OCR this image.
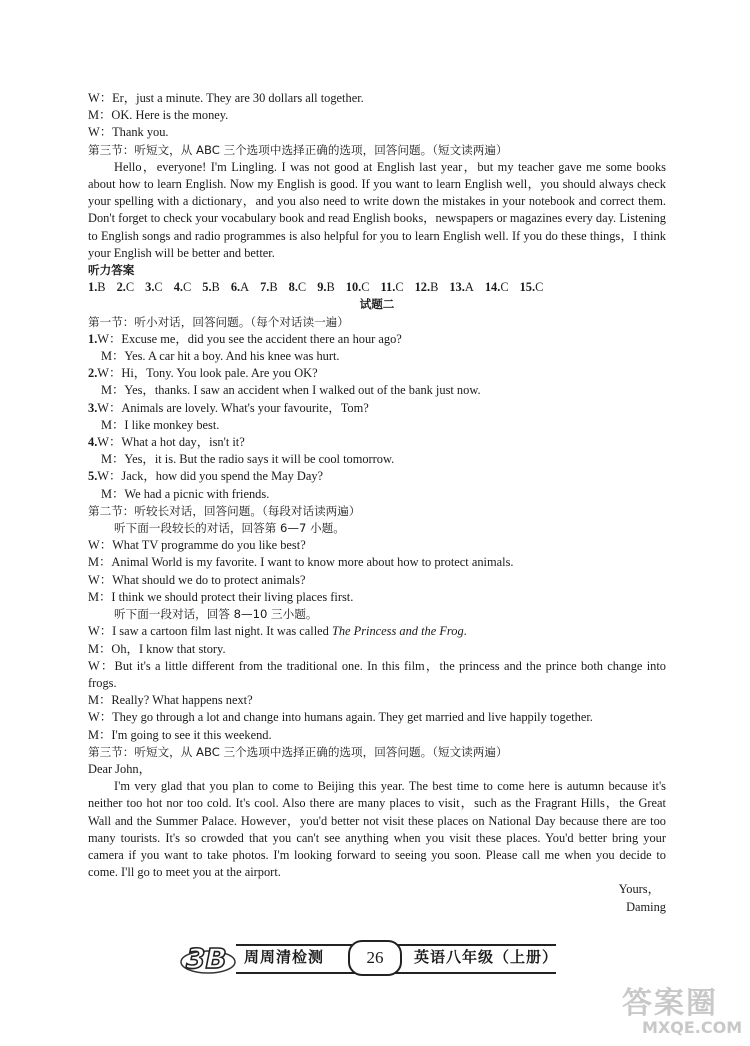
W：Er，just a minute. They are 30 dollars all together.
M：OK. Here is the money.
W：Thank you.
第三节：听短文，从 ABC 三个选项中选择正确的选项，回答问题。（短文读两遍）
Hello，everyone! I'm Lingling. I was not good at English last year，but my teacher gave me some books about how to learn English. Now my English is good. If you want to learn English well，you should always check your spelling with a dictionary，and you also need to write down the mistakes in your notebook and correct them. Don't forget to check your vocabulary book and read English books，newspapers or magazines every day. Listening to English songs and radio programmes is also helpful for you to learn English well. If you do these things，I think your English will be better and better.
听力答案
1.B 2.C 3.C 4.C 5.B 6.A 7.B 8.C 9.B 10.C 11.C 12.B 13.A 14.C 15.C
试题二
第一节：听小对话，回答问题。（每个对话读一遍）
1.W：Excuse me，did you see the accident there an hour ago?
M：Yes. A car hit a boy. And his knee was hurt.
2.W：Hi，Tony. You look pale. Are you OK?
M：Yes，thanks. I saw an accident when I walked out of the bank just now.
3.W：Animals are lovely. What's your favourite，Tom?
M：I like monkey best.
4.W：What a hot day，isn't it?
M：Yes，it is. But the radio says it will be cool tomorrow.
5.W：Jack，how did you spend the May Day?
M：We had a picnic with friends.
第二节：听较长对话，回答问题。（每段对话读两遍）
听下面一段较长的对话，回答第 6—7 小题。
W：What TV programme do you like best?
M：Animal World is my favorite. I want to know more about how to protect animals.
W：What should we do to protect animals?
M：I think we should protect their living places first.
听下面一段对话，回答 8—10 三小题。
W：I saw a cartoon film last night. It was called The Princess and the Frog.
M：Oh，I know that story.
W：But it's a little different from the traditional one. In this film，the princess and the prince both change into frogs.
M：Really? What happens next?
W：They go through a lot and change into humans again. They get married and live happily together.
M：I'm going to see it this weekend.
第三节：听短文，从 ABC 三个选项中选择正确的选项，回答问题。（短文读两遍）
Dear John，
I'm very glad that you plan to come to Beijing this year. The best time to come here is autumn because it's neither too hot nor too cold. It's cool. Also there are many places to visit，such as the Fragrant Hills，the Great Wall and the Summer Palace. However，you'd better not visit these places on National Day because there are too many tourists. It's so crowded that you can't see anything when you visit these places. You'd better bring your camera if you want to take photos. I'm looking forward to seeing you soon. Please call me when you decide to come. I'll go to meet you at the airport.
Yours，
Daming
3B 周周清检测	26	英语八年级（上册）
答案圈
MXQE.COM
